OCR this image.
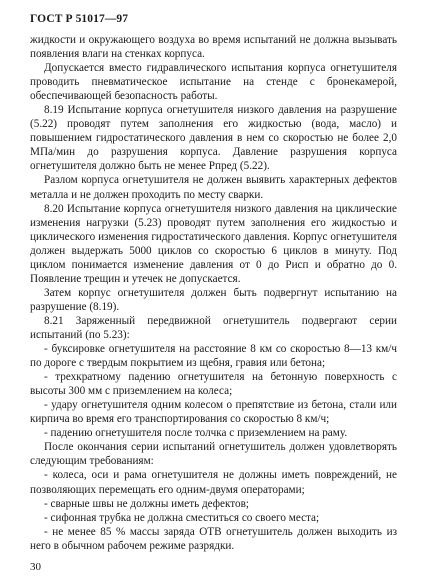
ГОСТ Р 51017—97

жидкости и окружающего воздуха во время испытаний не должна вызывать появления влаги на стенках корпуса.

Допускается вместо гидравлического испытания корпуса огнетушителя проводить пневматическое испытание на стенде с бронекамерой, обеспечивающей безопасность работы.

8.19 Испытание корпуса огнетушителя низкого давления на разрушение (5.22) проводят путем заполнения его жидкостью (вода, масло) и повышением гидростатического давления в нем со скоростью не более 2,0 МПа/мин до разрушения корпуса. Давление разрушения корпуса огнетушителя должно быть не менее Pпред (5.22).

Разлом корпуса огнетушителя не должен выявить характерных дефектов металла и не должен проходить по месту сварки.

8.20 Испытание корпуса огнетушителя низкого давления на циклические изменения нагрузки (5.23) проводят путем заполнения его жидкостью и циклического изменения гидростатического давления. Корпус огнетушителя должен выдержать 5000 циклов со скоростью 6 циклов в минуту. Под циклом понимается изменение давления от 0 до Pисп и обратно до 0. Появление трещин и утечек не допускается.

Затем корпус огнетушителя должен быть подвергнут испытанию на разрушение (8.19).

8.21 Заряженный передвижной огнетушитель подвергают серии испытаний (по 5.23):

- буксировке огнетушителя на расстояние 8 км со скоростью 8—13 км/ч по дороге с твердым покрытием из щебня, гравия или бетона;

- трехкратному падению огнетушителя на бетонную поверхность с высоты 300 мм с приземлением на колеса;

- удару огнетушителя одним колесом о препятствие из бетона, стали или кирпича во время его транспортирования со скоростью 8 км/ч;

- падению огнетушителя после толчка с приземлением на раму.

После окончания серии испытаний огнетушитель должен удовлетворять следующим требованиям:

- колеса, оси и рама огнетушителя не должны иметь повреждений, не позволяющих перемещать его одним-двумя операторами;

- сварные швы не должны иметь дефектов;

- сифонная трубка не должна сместиться со своего места;

- не менее 85 % массы заряда ОТВ огнетушитель должен выходить из него в обычном рабочем режиме разрядки.

30
